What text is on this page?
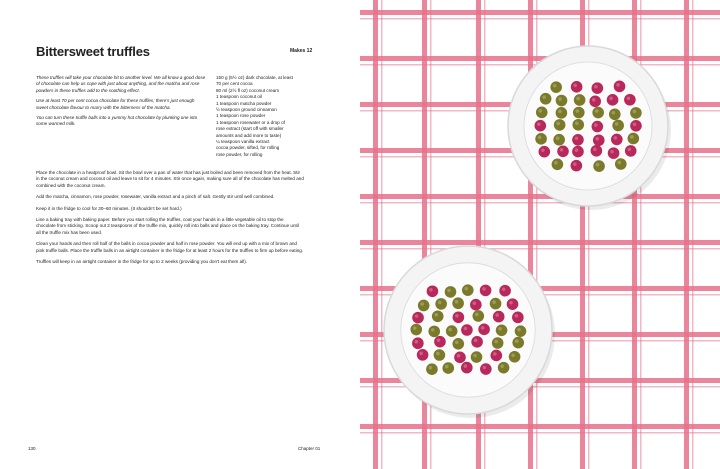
Bittersweet truffles	Makes 12

These truffles will take your chocolate hit to another level. We all know a good dose of chocolate can help us cope with just about anything, and the matcha and rose powders in these truffles add to the soothing effect.

Use at least 70 per cent cocoa chocolate for these truffles; there's just enough sweet chocolate flavour to marry with the bitterness of the matcha.

You can turn these truffle balls into a yummy hot chocolate by plunking one into some warmed milk.

150 g (5½ oz) dark chocolate, at least
70 per cent cocoa
80 ml (2½ fl oz) coconut cream
1 teaspoon coconut oil
1 teaspoon matcha powder
½ teaspoon ground cinnamon
1 teaspoon rose powder
1 teaspoon rosewater or a drop of
rose extract (start off with smaller
amounts and add more to taste)
¼ teaspoon vanilla extract
cocoa powder, sifted, for rolling
rose powder, for rolling

Place the chocolate in a heatproof bowl. Sit the bowl over a pan of water that has just boiled and been removed from the heat. Stir in the coconut cream and coconut oil and leave to sit for 4 minutes. Stir once again, making sure all of the chocolate has melted and combined with the coconut cream.

Add the matcha, cinnamon, rose powder, rosewater, vanilla extract and a pinch of salt. Gently stir until well combined.

Keep it in the fridge to cool for 30–60 minutes. (It shouldn't be set hard.)

Line a baking tray with baking paper. Before you start rolling the truffles, coat your hands in a little vegetable oil to stop the chocolate from sticking. Scoop out 2 teaspoons of the truffle mix, quickly roll into balls and place on the baking tray. Continue until all the truffle mix has been used.

Clean your hands and then roll half of the balls in cocoa powder and half in rose powder. You will end up with a mix of brown and pink truffle balls. Place the truffle balls in an airtight container in the fridge for at least 2 hours for the truffles to firm up before eating.

Truffles will keep in an airtight container in the fridge for up to 2 weeks (providing you don't eat them all).

130	Chapter 01
